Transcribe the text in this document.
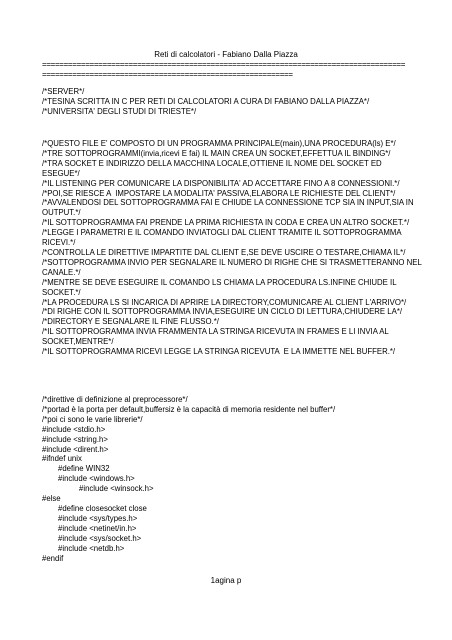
Reti di calcolatori - Fabiano Dalla Piazza
====================================================================================
==========================================================
/*SERVER*/
/*TESINA SCRITTA IN C PER RETI DI CALCOLATORI A CURA DI FABIANO DALLA PIAZZA*/
/*UNIVERSITA' DEGLI STUDI DI TRIESTE*/
/*QUESTO FILE E' COMPOSTO DI UN PROGRAMMA PRINCIPALE(main),UNA PROCEDURA(ls) E*/
/*TRE SOTTOPROGRAMMI(invia,ricevi E fai) IL MAIN CREA UN SOCKET,EFFETTUA IL BINDING*/
/*TRA SOCKET E INDIRIZZO DELLA MACCHINA LOCALE,OTTIENE IL NOME DEL SOCKET ED
ESEGUE*/
/*IL LISTENING PER COMUNICARE LA DISPONIBILITA' AD ACCETTARE FINO A 8 CONNESSIONI.*/
/*POI,SE RIESCE A  IMPOSTARE LA MODALITA' PASSIVA,ELABORA LE RICHIESTE DEL CLIENT*/
/*AVVALENDOSI DEL SOTTOPROGRAMMA FAI E CHIUDE LA CONNESSIONE TCP SIA IN INPUT,SIA IN
OUTPUT.*/
/*IL SOTTOPROGRAMMA FAI PRENDE LA PRIMA RICHIESTA IN CODA E CREA UN ALTRO SOCKET.*/
/*LEGGE I PARAMETRI E IL COMANDO INVIATOGLI DAL CLIENT TRAMITE IL SOTTOPROGRAMMA
RICEVI.*/
/*CONTROLLA LE DIRETTIVE IMPARTITE DAL CLIENT E,SE DEVE USCIRE O TESTARE,CHIAMA IL*/
/*SOTTOPROGRAMMA INVIO PER SEGNALARE IL NUMERO DI RIGHE CHE SI TRASMETTERANNO NEL
CANALE.*/
/*MENTRE SE DEVE ESEGUIRE IL COMANDO LS CHIAMA LA PROCEDURA LS.INFINE CHIUDE IL
SOCKET.*/
/*LA PROCEDURA LS SI INCARICA DI APRIRE LA DIRECTORY,COMUNICARE AL CLIENT L'ARRIVO*/
/*DI RIGHE CON IL SOTTOPROGRAMMA INVIA,ESEGUIRE UN CICLO DI LETTURA,CHIUDERE LA*/
/*DIRECTORY E SEGNALARE IL FINE FLUSSO.*/
/*IL SOTTOPROGRAMMA INVIA FRAMMENTA LA STRINGA RICEVUTA IN FRAMES E LI INVIA AL
SOCKET,MENTRE*/
/*IL SOTTOPROGRAMMA RICEVI LEGGE LA STRINGA RICEVUTA  E LA IMMETTE NEL BUFFER.*/
/*direttive di definizione al preprocessore*/
/*portad è la porta per default,buffersiz è la capacità di memoria residente nel buffer*/
/*poi ci sono le varie librerie*/
#include <stdio.h>
#include <string.h>
#include <dirent.h>
#ifndef unix
#define WIN32
#include <windows.h>
#include <winsock.h>
#else
#define closesocket close
#include <sys/types.h>
#include <netinet/in.h>
#include <sys/socket.h>
#include <netdb.h>
#endif
1agina p
